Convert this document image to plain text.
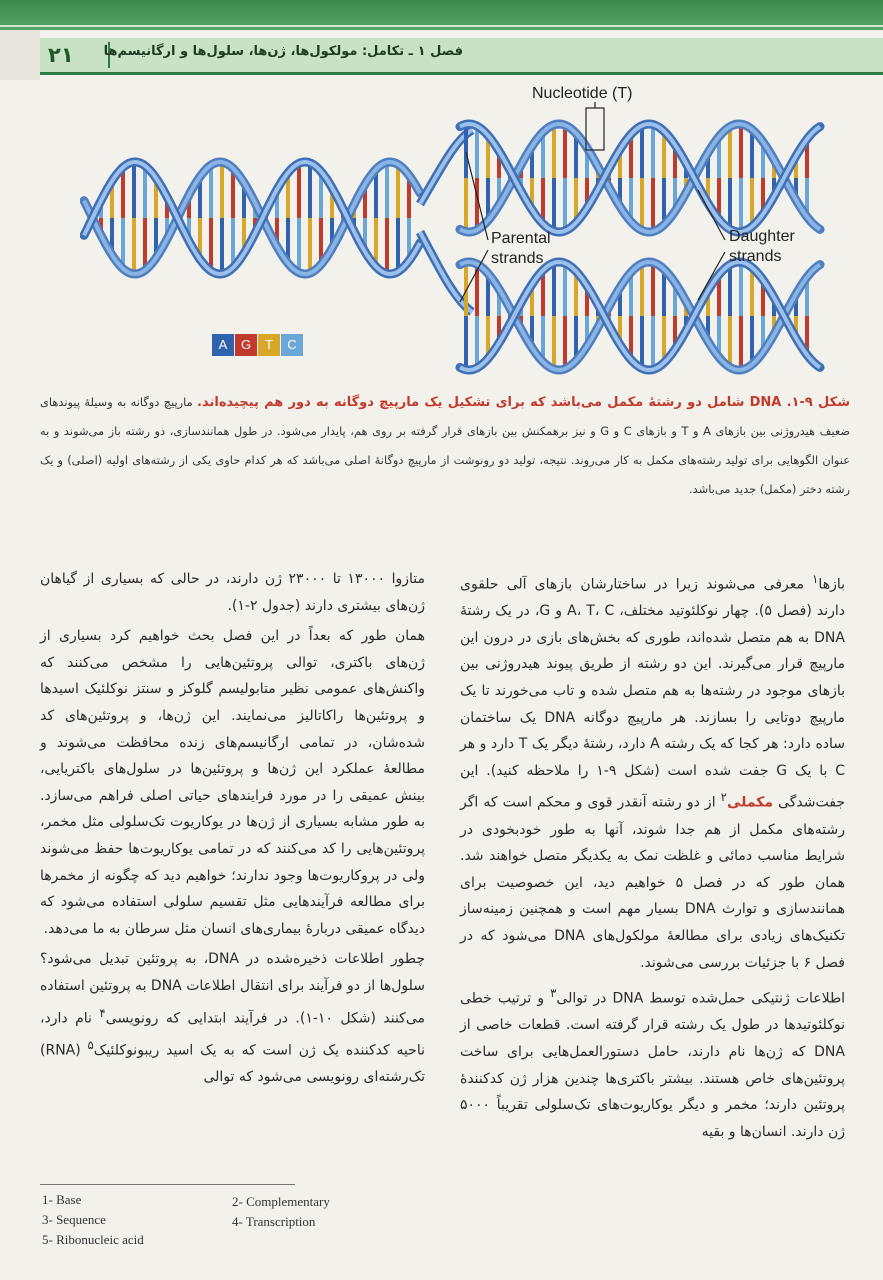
۲۱	فصل ۱ ـ تکامل: مولکول‌ها، ژن‌ها، سلول‌ها و ارگانیسم‌ها
Nucleotide (T)
Parental
strands
Daughter
strands
A	G	T	C
شکل ۹-۱. DNA شامل دو رشتهٔ مکمل می‌باشد که برای تشکیل یک مارپیچ دوگانه به دور هم پیچیده‌اند. مارپیچ دوگانه به وسیلهٔ پیوندهای ضعیف هیدروژنی بین بازهای A و T و بازهای C و G و نیز برهمکنش بین بازهای قرار گرفته بر روی هم، پایدار می‌شود. در طول همانندسازی، دو رشته باز می‌شوند و به عنوان الگوهایی برای تولید رشته‌های مکمل به کار می‌روند. نتیجه، تولید دو رونوشت از مارپیچ دوگانهٔ اصلی می‌باشد که هر کدام حاوی یکی از رشته‌های اولیه (اصلی) و یک رشته دختر (مکمل) جدید می‌باشد.

بازها$^۱$ معرفی می‌شوند زیرا در ساختارشان بازهای آلی حلقوی دارند (فصل ۵). چهار نوکلئوتید مختلف، A، T، C و G، در یک رشتهٔ DNA به هم متصل شده‌اند، طوری که بخش‌های بازی در درون این مارپیچ قرار می‌گیرند. این دو رشته از طریق پیوند هیدروژنی بین بازهای موجود در رشته‌ها به هم متصل شده و تاب می‌خورند تا یک مارپیچ دوتایی را بسازند. هر مارپیچ دوگانه DNA یک ساختمان ساده دارد: هر کجا که یک رشته A دارد، رشتهٔ دیگر یک T دارد و هر C با یک G جفت شده است (شکل ۹-۱ را ملاحظه کنید). این جفت‌شدگی مکملی$^۲$ از دو رشته آنقدر قوی و محکم است که اگر رشته‌های مکمل از هم جدا شوند، آنها به طور خودبخودی در شرایط مناسب دمائی و غلظت نمک به یکدیگر متصل خواهند شد. همان طور که در فصل ۵ خواهیم دید، این خصوصیت برای همانندسازی و توارث DNA بسیار مهم است و همچنین زمینه‌ساز تکنیک‌های زیادی برای مطالعهٔ مولکول‌های DNA می‌شود که در فصل ۶ با جزئیات بررسی می‌شوند.

اطلاعات ژنتیکی حمل‌شده توسط DNA در توالی$^۳$ و ترتیب خطی نوکلئوتیدها در طول یک رشته قرار گرفته است. قطعات خاصی از DNA که ژن‌ها نام دارند، حامل دستورالعمل‌هایی برای ساخت پروتئین‌های خاص هستند. بیشتر باکتری‌ها چندین هزار ژن کدکنندهٔ پروتئین دارند؛ مخمر و دیگر یوکاریوت‌های تک‌سلولی تقریباً ۵۰۰۰ ژن دارند. انسان‌ها و بقیه

متازوا ۱۳۰۰۰ تا ۲۳۰۰۰ ژن دارند، در حالی که بسیاری از گیاهان ژن‌های بیشتری دارند (جدول ۲-۱).

همان طور که بعداً در این فصل بحث خواهیم کرد بسیاری از ژن‌های باکتری، توالی پروتئین‌هایی را مشخص می‌کنند که واکنش‌های عمومی نظیر متابولیسم گلوکز و سنتز نوکلئیک اسیدها و پروتئین‌ها راکاتالیز می‌نمایند. این ژن‌ها، و پروتئین‌های کد شده‌شان، در تمامی ارگانیسم‌های زنده محافظت می‌شوند و مطالعهٔ عملکرد این ژن‌ها و پروتئین‌ها در سلول‌های باکتریایی، بینش عمیقی را در مورد فرایندهای حیاتی اصلی فراهم می‌سازد. به طور مشابه بسیاری از ژن‌ها در یوکاریوت تک‌سلولی مثل مخمر، پروتئین‌هایی را کد می‌کنند که در تمامی یوکاریوت‌ها حفظ می‌شوند ولی در پروکاریوت‌ها وجود ندارند؛ خواهیم دید که چگونه از مخمرها برای مطالعه فرآیندهایی مثل تقسیم سلولی استفاده می‌شود که دیدگاه عمیقی دربارهٔ بیماری‌های انسان مثل سرطان به ما می‌دهد.

چطور اطلاعات ذخیره‌شده در DNA، به پروتئین تبدیل می‌شود؟ سلول‌ها از دو فرآیند برای انتقال اطلاعات DNA به پروتئین استفاده می‌کنند (شکل ۱۰-۱). در فرآیند ابتدایی که رونویسی$^۴$ نام دارد، ناحیه کدکننده یک ژن است که به یک اسید ریبونوکلئیک$^۵$ (RNA) تک‌رشته‌ای رونویسی می‌شود که توالی

1- Base	2- Complementary
3- Sequence	4- Transcription
5- Ribonucleic acid
